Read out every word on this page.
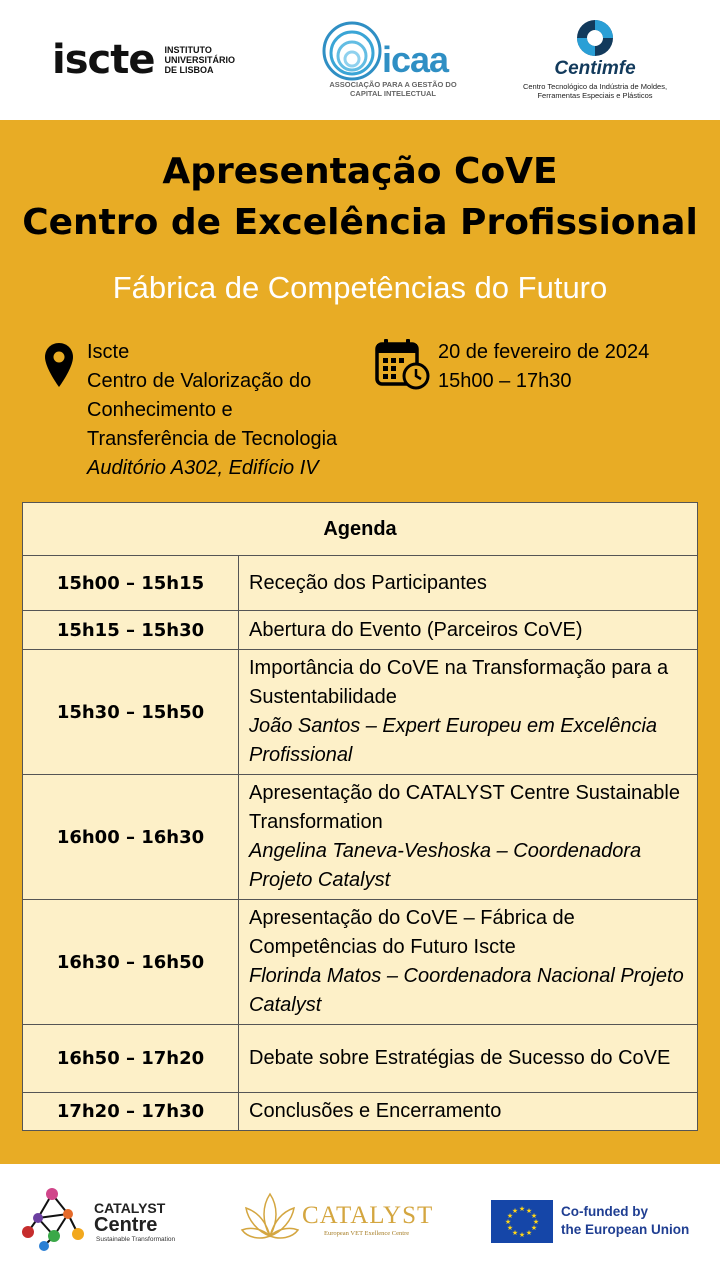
iscte INSTITUTO
UNIVERSITÁRIO
DE LISBOA	icaa
ASSOCIAÇÃO PARA A GESTÃO DO
CAPITAL INTELECTUAL
Centimfe
Centro Tecnológico da Indústria de Moldes,
Ferramentas Especiais e Plásticos
Apresentação CoVE
Centro de Excelência Profissional
Fábrica de Competências do Futuro
Iscte
Centro de Valorização do
Conhecimento e
Transferência de Tecnologia
Auditório A302, Edifício IV
20 de fevereiro de 2024
15h00 – 17h30
Agenda	
15h00 – 15h15	Receção dos Participantes
15h15 – 15h30	Abertura do Evento (Parceiros CoVE)
15h30 – 15h50	Importância do CoVE na Transformação para a Sustentabilidade
João Santos – Expert Europeu em Excelência Profissional

16h00 – 16h30	Apresentação do CATALYST Centre Sustainable Transformation
Angelina Taneva-Veshoska – Coordenadora Projeto Catalyst

16h30 – 16h50	Apresentação do CoVE – Fábrica de Competências do Futuro Iscte
Florinda Matos – Coordenadora Nacional Projeto Catalyst

16h50 – 17h20	Debate sobre Estratégias de Sucesso do CoVE
17h20 – 17h30	Conclusões e Encerramento
CATALYST
Centre
Sustainable Transformation
CATALYST
European VET Exellence Centre
★ ★
★
★
★
★
★
★
★
★
★
★	Co-funded by
the European Union
